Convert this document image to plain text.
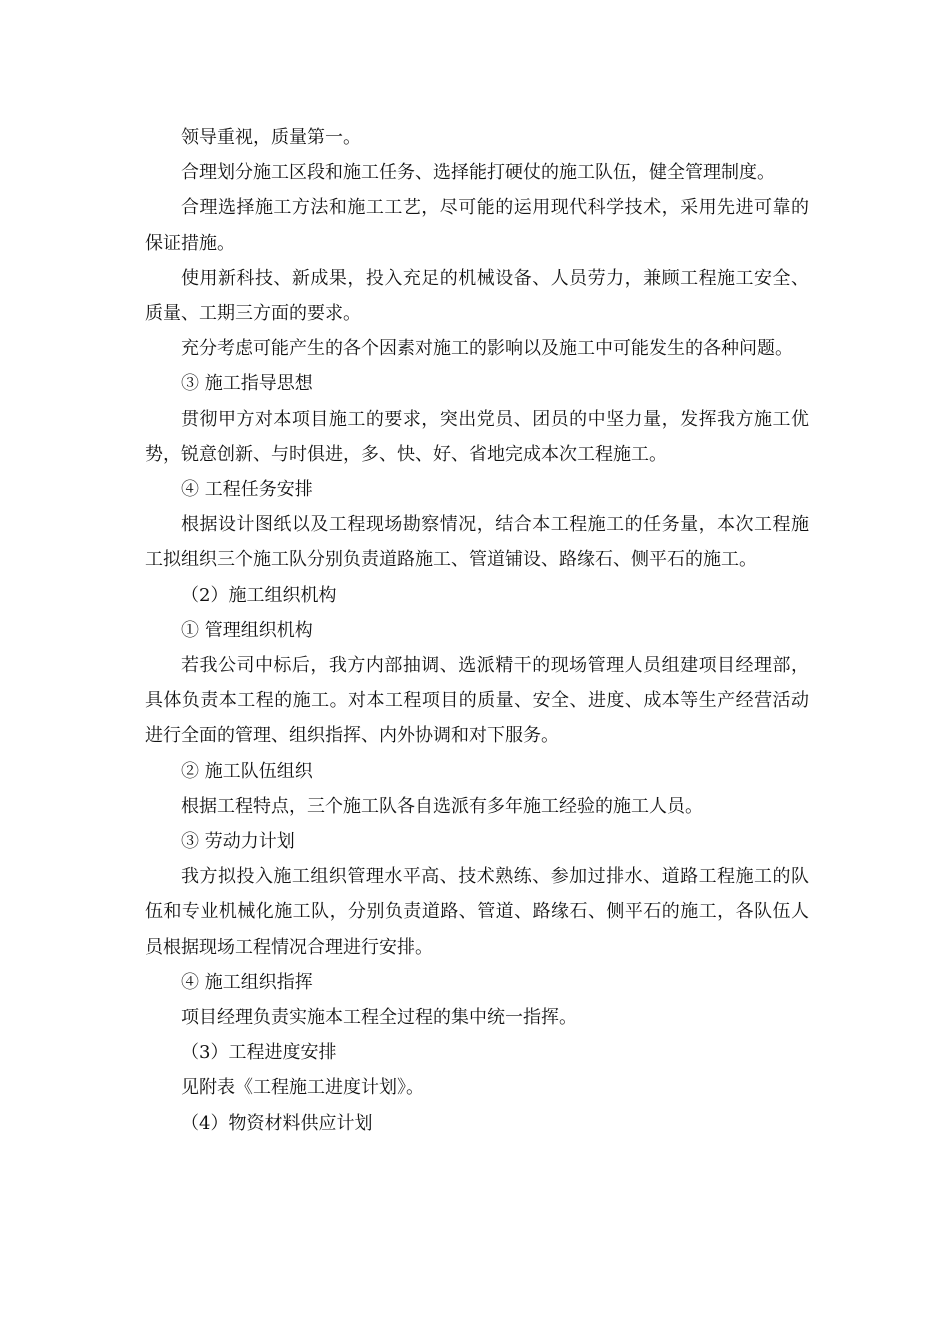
领导重视，质量第一。

合理划分施工区段和施工任务、选择能打硬仗的施工队伍，健全管理制度。

合理选择施工方法和施工工艺，尽可能的运用现代科学技术，采用先进可靠的保证措施。

使用新科技、新成果，投入充足的机械设备、人员劳力，兼顾工程施工安全、质量、工期三方面的要求。

充分考虑可能产生的各个因素对施工的影响以及施工中可能发生的各种问题。

③ 施工指导思想

贯彻甲方对本项目施工的要求，突出党员、团员的中坚力量，发挥我方施工优势，锐意创新、与时俱进，多、快、好、省地完成本次工程施工。

④ 工程任务安排

根据设计图纸以及工程现场勘察情况，结合本工程施工的任务量，本次工程施工拟组织三个施工队分别负责道路施工、管道铺设、路缘石、侧平石的施工。

（2）施工组织机构

① 管理组织机构

若我公司中标后，我方内部抽调、选派精干的现场管理人员组建项目经理部，具体负责本工程的施工。对本工程项目的质量、安全、进度、成本等生产经营活动进行全面的管理、组织指挥、内外协调和对下服务。

② 施工队伍组织

根据工程特点，三个施工队各自选派有多年施工经验的施工人员。

③ 劳动力计划

我方拟投入施工组织管理水平高、技术熟练、参加过排水、道路工程施工的队伍和专业机械化施工队，分别负责道路、管道、路缘石、侧平石的施工，各队伍人员根据现场工程情况合理进行安排。

④ 施工组织指挥

项目经理负责实施本工程全过程的集中统一指挥。

（3）工程进度安排

见附表《工程施工进度计划》。

（4）物资材料供应计划
